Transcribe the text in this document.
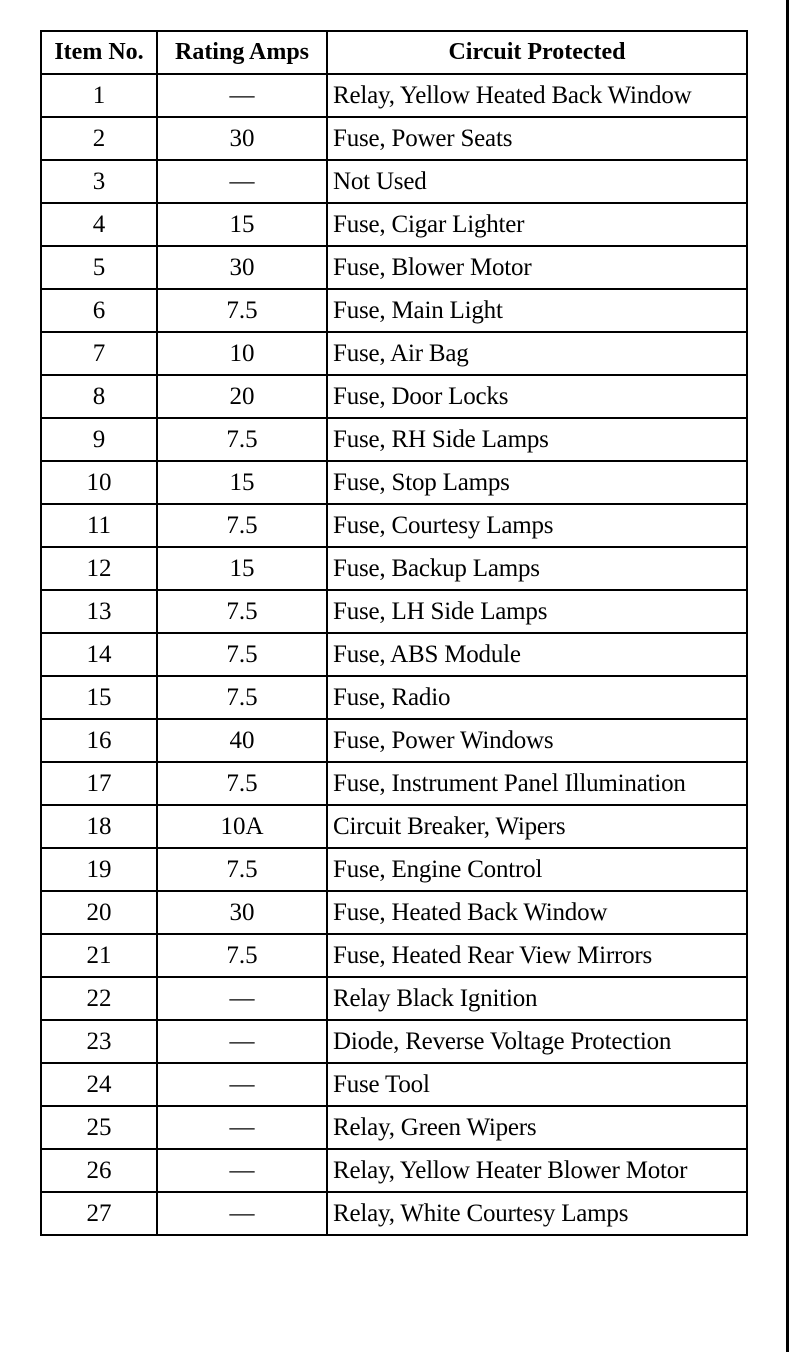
Item No.	Rating Amps	Circuit Protected
1	—	Relay, Yellow Heated Back Window
2	30	Fuse, Power Seats
3	—	Not Used
4	15	Fuse, Cigar Lighter
5	30	Fuse, Blower Motor
6	7.5	Fuse, Main Light
7	10	Fuse, Air Bag
8	20	Fuse, Door Locks
9	7.5	Fuse, RH Side Lamps
10	15	Fuse, Stop Lamps
11	7.5	Fuse, Courtesy Lamps
12	15	Fuse, Backup Lamps
13	7.5	Fuse, LH Side Lamps
14	7.5	Fuse, ABS Module
15	7.5	Fuse, Radio
16	40	Fuse, Power Windows
17	7.5	Fuse, Instrument Panel Illumination
18	10A	Circuit Breaker, Wipers
19	7.5	Fuse, Engine Control
20	30	Fuse, Heated Back Window
21	7.5	Fuse, Heated Rear View Mirrors
22	—	Relay Black Ignition
23	—	Diode, Reverse Voltage Protection
24	—	Fuse Tool
25	—	Relay, Green Wipers
26	—	Relay, Yellow Heater Blower Motor
27	—	Relay, White Courtesy Lamps
